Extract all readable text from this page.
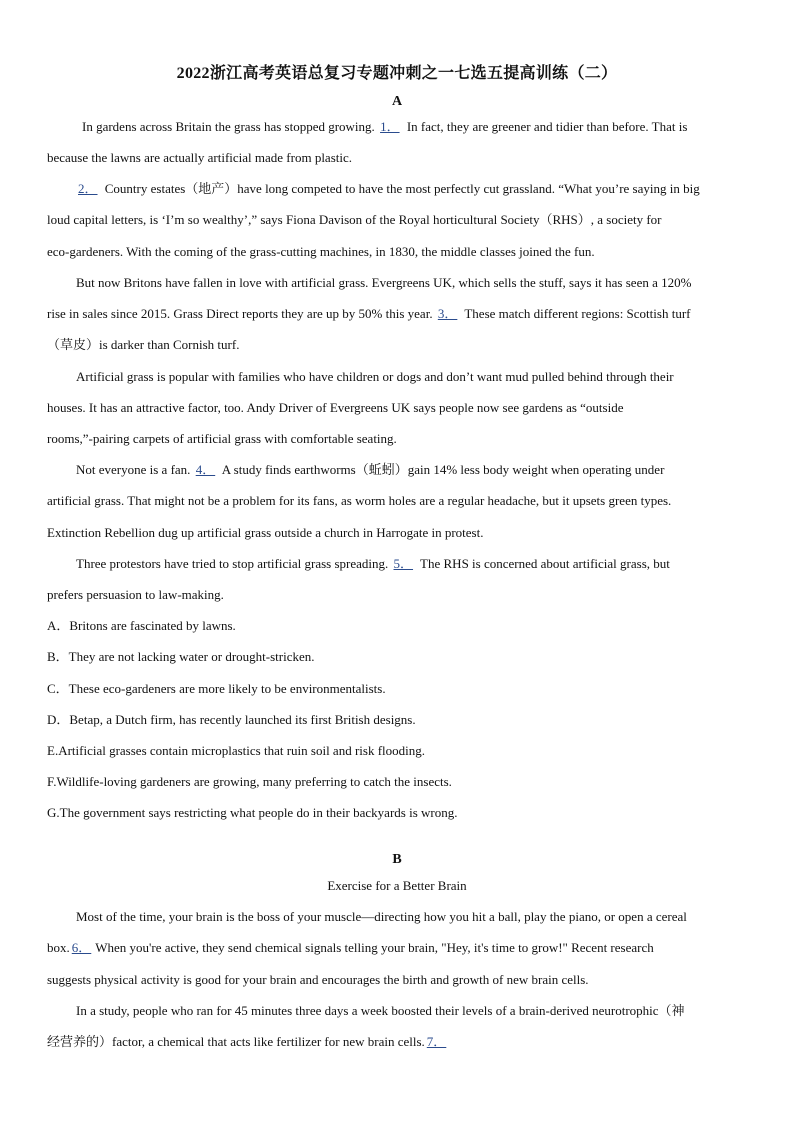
2022浙江高考英语总复习专题冲刺之一七选五提高训练（二）
A
In gardens across Britain the grass has stopped growing. 1． In fact, they are greener and tidier than before. That is
because the lawns are actually artificial made from plastic.
2． Country estates（地产）have long competed to have the most perfectly cut grassland. “What you’re saying in big
loud capital letters, is ‘I’m so wealthy’,” says Fiona Davison of the Royal horticultural Society（RHS）, a society for
eco-gardeners. With the coming of the grass-cutting machines, in 1830, the middle classes joined the fun.
But now Britons have fallen in love with artificial grass. Evergreens UK, which sells the stuff, says it has seen a 120%
rise in sales since 2015. Grass Direct reports they are up by 50% this year. 3． These match different regions: Scottish turf
（草皮）is darker than Cornish turf.
Artificial grass is popular with families who have children or dogs and don’t want mud pulled behind through their
houses. It has an attractive factor, too. Andy Driver of Evergreens UK says people now see gardens as “outside
rooms,”-pairing carpets of artificial grass with comfortable seating.
Not everyone is a fan. 4． A study finds earthworms（蚯蚓）gain 14% less body weight when operating under
artificial grass. That might not be a problem for its fans, as worm holes are a regular headache, but it upsets green types.
Extinction Rebellion dug up artificial grass outside a church in Harrogate in protest.
Three protestors have tried to stop artificial grass spreading. 5． The RHS is concerned about artificial grass, but
prefers persuasion to law-making.
A．Britons are fascinated by lawns.
B．They are not lacking water or drought-stricken.
C．These eco-gardeners are more likely to be environmentalists.
D．Betap, a Dutch firm, has recently launched its first British designs.
E.Artificial grasses contain microplastics that ruin soil and risk flooding.
F.Wildlife-loving gardeners are growing, many preferring to catch the insects.
G.The government says restricting what people do in their backyards is wrong.
B
Exercise for a Better Brain
Most of the time, your brain is the boss of your muscle—directing how you hit a ball, play the piano, or open a cereal
box. 6． When you're active, they send chemical signals telling your brain, "Hey, it's time to grow!" Recent research
suggests physical activity is good for your brain and encourages the birth and growth of new brain cells.
In a study, people who ran for 45 minutes three days a week boosted their levels of a brain-derived neurotrophic（神
经营养的）factor, a chemical that acts like fertilizer for new brain cells. 7．
